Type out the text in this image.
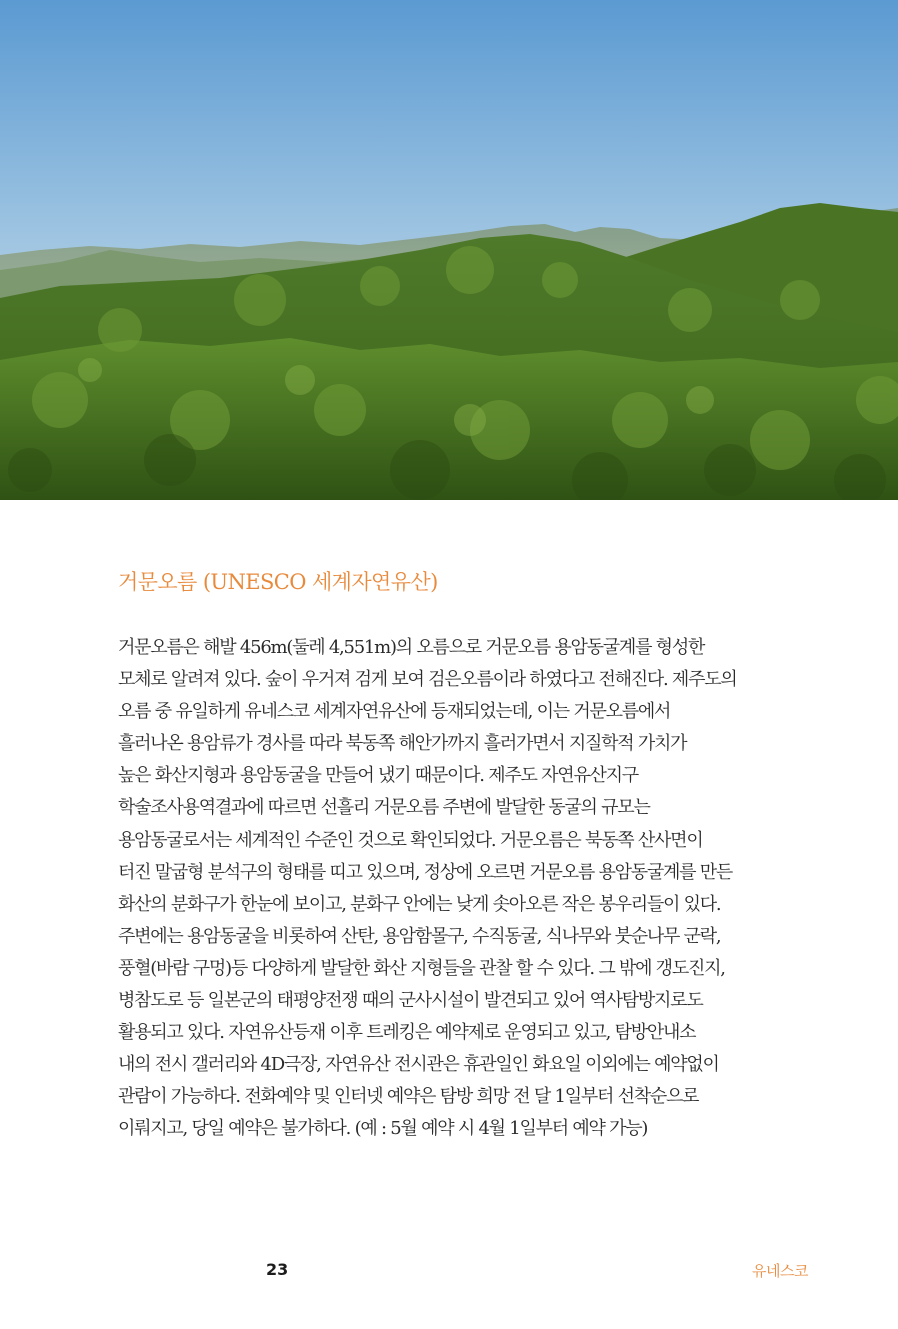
거문오름 (UNESCO 세계자연유산)
거문오름은 해발 456m(둘레 4,551m)의 오름으로 거문오름 용암동굴계를 형성한
모체로 알려져 있다. 숲이 우거져 검게 보여 검은오름이라 하였다고 전해진다. 제주도의
오름 중 유일하게 유네스코 세계자연유산에 등재되었는데, 이는 거문오름에서
흘러나온 용암류가 경사를 따라 북동쪽 해안가까지 흘러가면서 지질학적 가치가
높은 화산지형과 용암동굴을 만들어 냈기 때문이다. 제주도 자연유산지구
학술조사용역결과에 따르면 선흘리 거문오름 주변에 발달한 동굴의 규모는
용암동굴로서는 세계적인 수준인 것으로 확인되었다. 거문오름은 북동쪽 산사면이
터진 말굽형 분석구의 형태를 띠고 있으며, 정상에 오르면 거문오름 용암동굴계를 만든
화산의 분화구가 한눈에 보이고, 분화구 안에는 낮게 솟아오른 작은 봉우리들이 있다.
주변에는 용암동굴을 비롯하여 산탄, 용암함몰구, 수직동굴, 식나무와 붓순나무 군락,
풍혈(바람 구멍)등 다양하게 발달한 화산 지형들을 관찰 할 수 있다. 그 밖에 갱도진지,
병참도로 등 일본군의 태평양전쟁 때의 군사시설이 발견되고 있어 역사탐방지로도
활용되고 있다. 자연유산등재 이후 트레킹은 예약제로 운영되고 있고, 탐방안내소
내의 전시 갤러리와 4D극장, 자연유산 전시관은 휴관일인 화요일 이외에는 예약없이
관람이 가능하다. 전화예약 및 인터넷 예약은 탐방 희망 전 달 1일부터 선착순으로
이뤄지고, 당일 예약은 불가하다. (예 : 5월 예약 시 4월 1일부터 예약 가능)
23	유네스코
